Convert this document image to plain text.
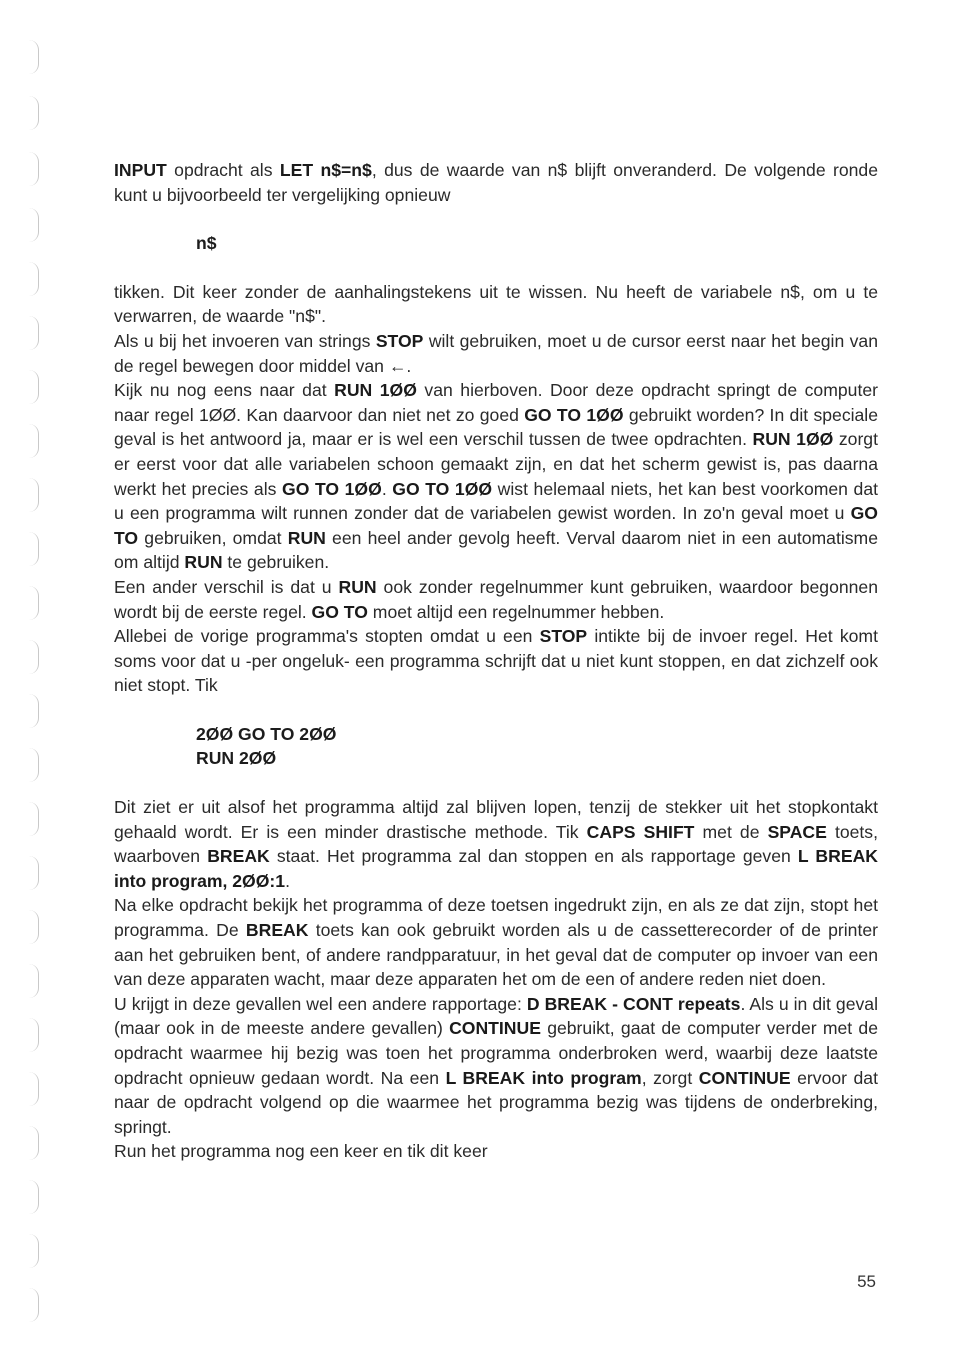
INPUT opdracht als LET n$=n$, dus de waarde van n$ blijft onveranderd. De volgende ronde kunt u bijvoorbeeld ter vergelijking opnieuw

n$

tikken. Dit keer zonder de aanhalingstekens uit te wissen. Nu heeft de variabele n$, om u te verwarren, de waarde "n$".

Als u bij het invoeren van strings STOP wilt gebruiken, moet u de cursor eerst naar het begin van de regel bewegen door middel van ←.

Kijk nu nog eens naar dat RUN 1ØØ van hierboven. Door deze opdracht springt de computer naar regel 1ØØ. Kan daarvoor dan niet net zo goed GO TO 1ØØ gebruikt worden? In dit speciale geval is het antwoord ja, maar er is wel een verschil tussen de twee opdrachten. RUN 1ØØ zorgt er eerst voor dat alle variabelen schoon gemaakt zijn, en dat het scherm gewist is, pas daarna werkt het precies als GO TO 1ØØ. GO TO 1ØØ wist helemaal niets, het kan best voorkomen dat u een programma wilt runnen zonder dat de variabelen gewist worden. In zo'n geval moet u GO TO gebruiken, omdat RUN een heel ander gevolg heeft. Verval daarom niet in een automatisme om altijd RUN te gebruiken.

Een ander verschil is dat u RUN ook zonder regelnummer kunt gebruiken, waardoor begonnen wordt bij de eerste regel. GO TO moet altijd een regelnummer hebben.

Allebei de vorige programma's stopten omdat u een STOP intikte bij de invoer regel. Het komt soms voor dat u -per ongeluk- een programma schrijft dat u niet kunt stoppen, en dat zichzelf ook niet stopt. Tik

2ØØ GO TO 2ØØ
RUN 2ØØ

Dit ziet er uit alsof het programma altijd zal blijven lopen, tenzij de stekker uit het stopkontakt gehaald wordt. Er is een minder drastische methode. Tik CAPS SHIFT met de SPACE toets, waarboven BREAK staat. Het programma zal dan stoppen en als rapportage geven L BREAK into program, 2ØØ:1.

Na elke opdracht bekijk het programma of deze toetsen ingedrukt zijn, en als ze dat zijn, stopt het programma. De BREAK toets kan ook gebruikt worden als u de cassetterecorder of de printer aan het gebruiken bent, of andere randpparatuur, in het geval dat de computer op invoer van een van deze apparaten wacht, maar deze apparaten het om de een of andere reden niet doen.

U krijgt in deze gevallen wel een andere rapportage: D BREAK - CONT repeats. Als u in dit geval (maar ook in de meeste andere gevallen) CONTINUE gebruikt, gaat de computer verder met de opdracht waarmee hij bezig was toen het programma onderbroken werd, waarbij deze laatste opdracht opnieuw gedaan wordt. Na een L BREAK into program, zorgt CONTINUE ervoor dat naar de opdracht volgend op die waarmee het programma bezig was tijdens de onderbreking, springt.

Run het programma nog een keer en tik dit keer

55
